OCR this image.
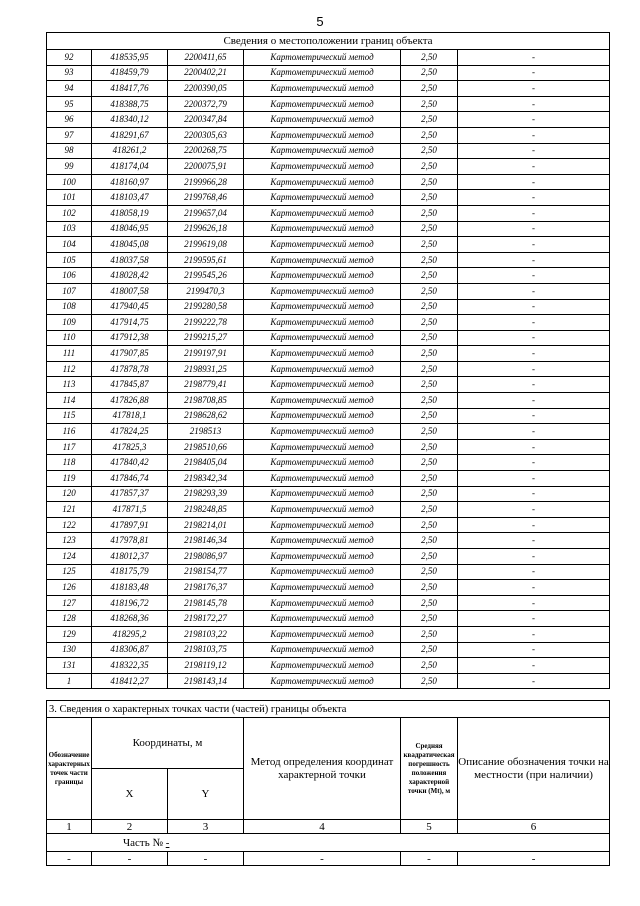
5
Сведения о местоположении границ объекта					
92	418535,95	2200411,65	Картометрический метод	2,50	-
93	418459,79	2200402,21	Картометрический метод	2,50	-
94	418417,76	2200390,05	Картометрический метод	2,50	-
95	418388,75	2200372,79	Картометрический метод	2,50	-
96	418340,12	2200347,84	Картометрический метод	2,50	-
97	418291,67	2200305,63	Картометрический метод	2,50	-
98	418261,2	2200268,75	Картометрический метод	2,50	-
99	418174,04	2200075,91	Картометрический метод	2,50	-
100	418160,97	2199966,28	Картометрический метод	2,50	-
101	418103,47	2199768,46	Картометрический метод	2,50	-
102	418058,19	2199657,04	Картометрический метод	2,50	-
103	418046,95	2199626,18	Картометрический метод	2,50	-
104	418045,08	2199619,08	Картометрический метод	2,50	-
105	418037,58	2199595,61	Картометрический метод	2,50	-
106	418028,42	2199545,26	Картометрический метод	2,50	-
107	418007,58	2199470,3	Картометрический метод	2,50	-
108	417940,45	2199280,58	Картометрический метод	2,50	-
109	417914,75	2199222,78	Картометрический метод	2,50	-
110	417912,38	2199215,27	Картометрический метод	2,50	-
111	417907,85	2199197,91	Картометрический метод	2,50	-
112	417878,78	2198931,25	Картометрический метод	2,50	-
113	417845,87	2198779,41	Картометрический метод	2,50	-
114	417826,88	2198708,85	Картометрический метод	2,50	-
115	417818,1	2198628,62	Картометрический метод	2,50	-
116	417824,25	2198513	Картометрический метод	2,50	-
117	417825,3	2198510,66	Картометрический метод	2,50	-
118	417840,42	2198405,04	Картометрический метод	2,50	-
119	417846,74	2198342,34	Картометрический метод	2,50	-
120	417857,37	2198293,39	Картометрический метод	2,50	-
121	417871,5	2198248,85	Картометрический метод	2,50	-
122	417897,91	2198214,01	Картометрический метод	2,50	-
123	417978,81	2198146,34	Картометрический метод	2,50	-
124	418012,37	2198086,97	Картометрический метод	2,50	-
125	418175,79	2198154,77	Картометрический метод	2,50	-
126	418183,48	2198176,37	Картометрический метод	2,50	-
127	418196,72	2198145,78	Картометрический метод	2,50	-
128	418268,36	2198172,27	Картометрический метод	2,50	-
129	418295,2	2198103,22	Картометрический метод	2,50	-
130	418306,87	2198103,75	Картометрический метод	2,50	-
131	418322,35	2198119,12	Картометрический метод	2,50	-
1	418412,27	2198143,14	Картометрический метод	2,50	-
3. Сведения о характерных точках части (частей) границы объекта					
Обозначение характерных точек части границы	Координаты, м		Метод определения координат характерной точки	Средняя квадратическая погрешность положения характерной точки (Mt), м	Описание обозначения точки на местности (при наличии)
	X	Y			
1	2	3	4	5	6
Часть № -					
-	-	-	-	-	-
